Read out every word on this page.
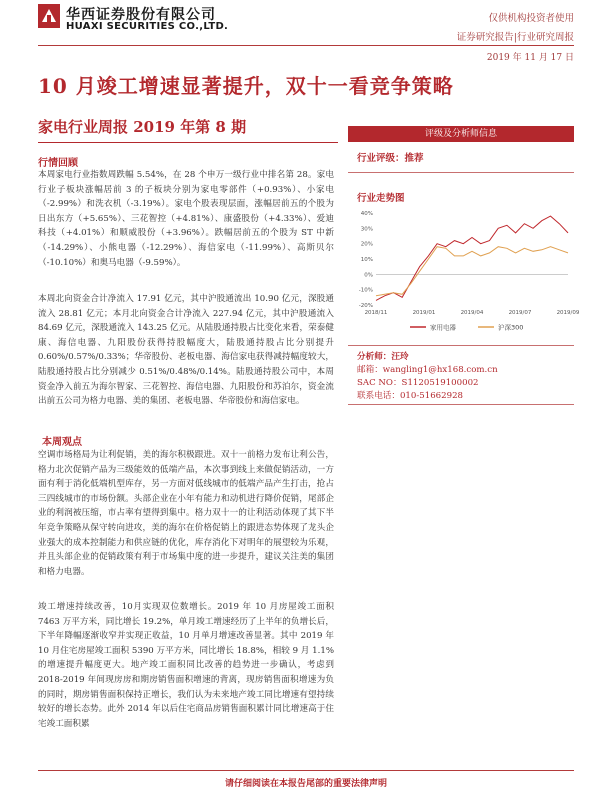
华西证券股份有限公司
HUAXI SECURITIES CO.,LTD.
仅供机构投资者使用
证券研究报告|行业研究周报
2019 年 11 月 17 日
10 月竣工增速显著提升，双十一看竞争策略
家电行业周报 2019 年第 8 期
行情回顾
本周家电行业指数周跌幅 5.54%，在 28 个申万一级行业中排名第 28。家电行业子板块涨幅居前 3 的子板块分别为家电零部件（+0.93%）、小家电（-2.99%）和洗衣机（-3.19%）。家电个股表现层面，涨幅居前五的个股为日出东方（+5.65%）、三花智控（+4.81%）、康盛股份（+4.33%）、爱迪科技（+4.01%）和顺威股份（+3.96%）。跌幅居前五的个股为 ST 中新（-14.29%）、小熊电器（-12.29%）、海信家电（-11.99%）、高斯贝尔（-10.10%）和奥马电器（-9.59%）。
本周北向资金合计净流入 17.91 亿元，其中沪股通流出 10.90 亿元，深股通流入 28.81 亿元；本月北向资金合计净流入 227.94 亿元，其中沪股通流入 84.69 亿元，深股通流入 143.25 亿元。从陆股通持股占比变化来看，荣泰健康、海信电器、九阳股份获得持股幅度大，陆股通持股占比分别提升 0.60%/0.57%/0.33%；华帝股份、老板电器、海信家电获得减持幅度较大，陆股通持股占比分别减少 0.51%/0.48%/0.14%。陆股通持股公司中，本周资金净入前五为海尔智家、三花智控、海信电器、九阳股份和苏泊尔，资金流出前五公司为格力电器、美的集团、老板电器、华帝股份和海信家电。
本周观点
空调市场格局为让利促销，美的海尔积极跟进。双十一前格力发布让利公告，格力北次促销产品为三级能效的低端产品，本次事到线上来做促销活动，一方面有利于消化低端机型库存，另一方面对低线城市的低端产品产生打击，抢占三四线城市的市场份额。头部企业在小年有能力和动机进行降价促销，尾部企业的利润被压缩，市占率有望得到集中。格力双十一的让利活动体现了其下半年竞争策略从保守转向进攻，美的海尔在价格促销上的跟进态势体现了龙头企业强大的成本控制能力和供应链的优化，库存消化下对明年的展望较为乐观，并且头部企业的促销政策有利于市场集中度的进一步提升，建议关注美的集团和格力电器。
竣工增速持续改善，10月实现双位数增长。2019 年 10 月房屋竣工面积 7463 万平方米，同比增长 19.2%，单月竣工增速经历了上半年的负增长后，下半年降幅逐渐收窄并实现正收益，10 月单月增速改善显著。其中 2019 年 10 月住宅房屋竣工面积 5390 万平方米，同比增长 18.8%，相较 9 月 1.1%的增速提升幅度更大。地产竣工面积同比改善的趋势进一步确认，考虑到 2018-2019 年间现房房和期房销售面积增速的背离，现房销售面积增速为负的同时，期房销售面积保持正增长，我们认为未来地产竣工同比增速有望持续较好的增长态势。此外 2014 年以后住宅商品房销售面积累计同比增速高于住宅竣工面积累
评级及分析师信息
行业评级：推荐
行业走势图
-20%
-10%
0%
10%
20%
30%
40%
2018/11	2019/01	2019/04	2019/07	2019/09
家用电器	沪深300
分析师：汪玲
邮箱：wangling1@hx168.com.cn
SAC NO：S1120519100002
联系电话：010-51662928
请仔细阅读在本报告尾部的重要法律声明
